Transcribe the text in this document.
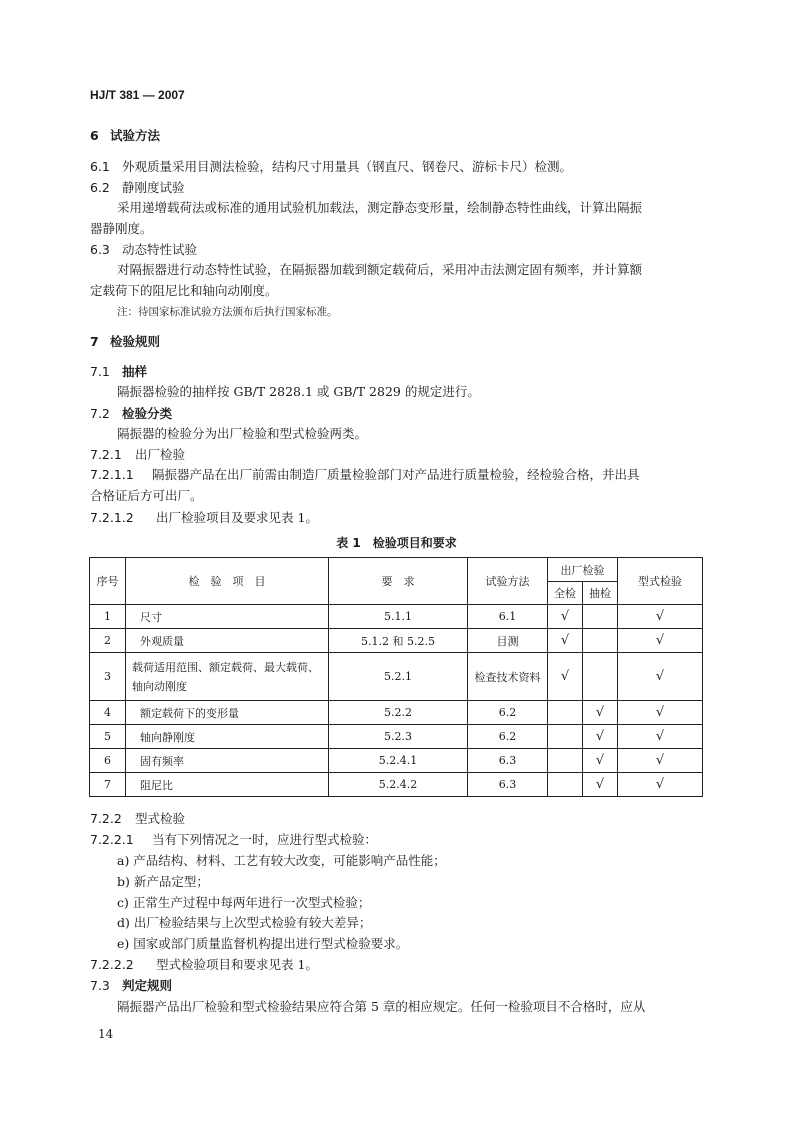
HJ/T 381 — 2007
6 试验方法
6.1 外观质量采用目测法检验，结构尺寸用量具（钢直尺、钢卷尺、游标卡尺）检测。
6.2 静刚度试验
采用递增载荷法或标准的通用试验机加载法，测定静态变形量，绘制静态特性曲线，计算出隔振
器静刚度。
6.3 动态特性试验
对隔振器进行动态特性试验，在隔振器加载到额定载荷后，采用冲击法测定固有频率，并计算额
定载荷下的阻尼比和轴向动刚度。
注：待国家标准试验方法颁布后执行国家标准。
7 检验规则
7.1 抽样
隔振器检验的抽样按 GB/T 2828.1 或 GB/T 2829 的规定进行。
7.2 检验分类
隔振器的检验分为出厂检验和型式检验两类。
7.2.1 出厂检验
7.2.1.1 隔振器产品在出厂前需由制造厂质量检验部门对产品进行质量检验，经检验合格，并出具
合格证后方可出厂。
7.2.1.2 出厂检验项目及要求见表 1。
表 1　检验项目和要求
序号	检　验　项　目	要　求	试验方法	出厂检验		型式检验
				全检	抽检	
1	尺寸	5.1.1	6.1	√		√
2	外观质量	5.1.2 和 5.2.5	目测	√		√
3	载荷适用范围、额定载荷、最大载荷、轴向动刚度	5.2.1	检查技术资料	√		√
4	额定载荷下的变形量	5.2.2	6.2		√	√
5	轴向静刚度	5.2.3	6.2		√	√
6	固有频率	5.2.4.1	6.3		√	√
7	阻尼比	5.2.4.2	6.3		√	√
7.2.2 型式检验
7.2.2.1 当有下列情况之一时，应进行型式检验：
a) 产品结构、材料、工艺有较大改变，可能影响产品性能；
b) 新产品定型；
c) 正常生产过程中每两年进行一次型式检验；
d) 出厂检验结果与上次型式检验有较大差异；
e) 国家或部门质量监督机构提出进行型式检验要求。
7.2.2.2 型式检验项目和要求见表 1。
7.3 判定规则
隔振器产品出厂检验和型式检验结果应符合第 5 章的相应规定。任何一检验项目不合格时，应从
14
